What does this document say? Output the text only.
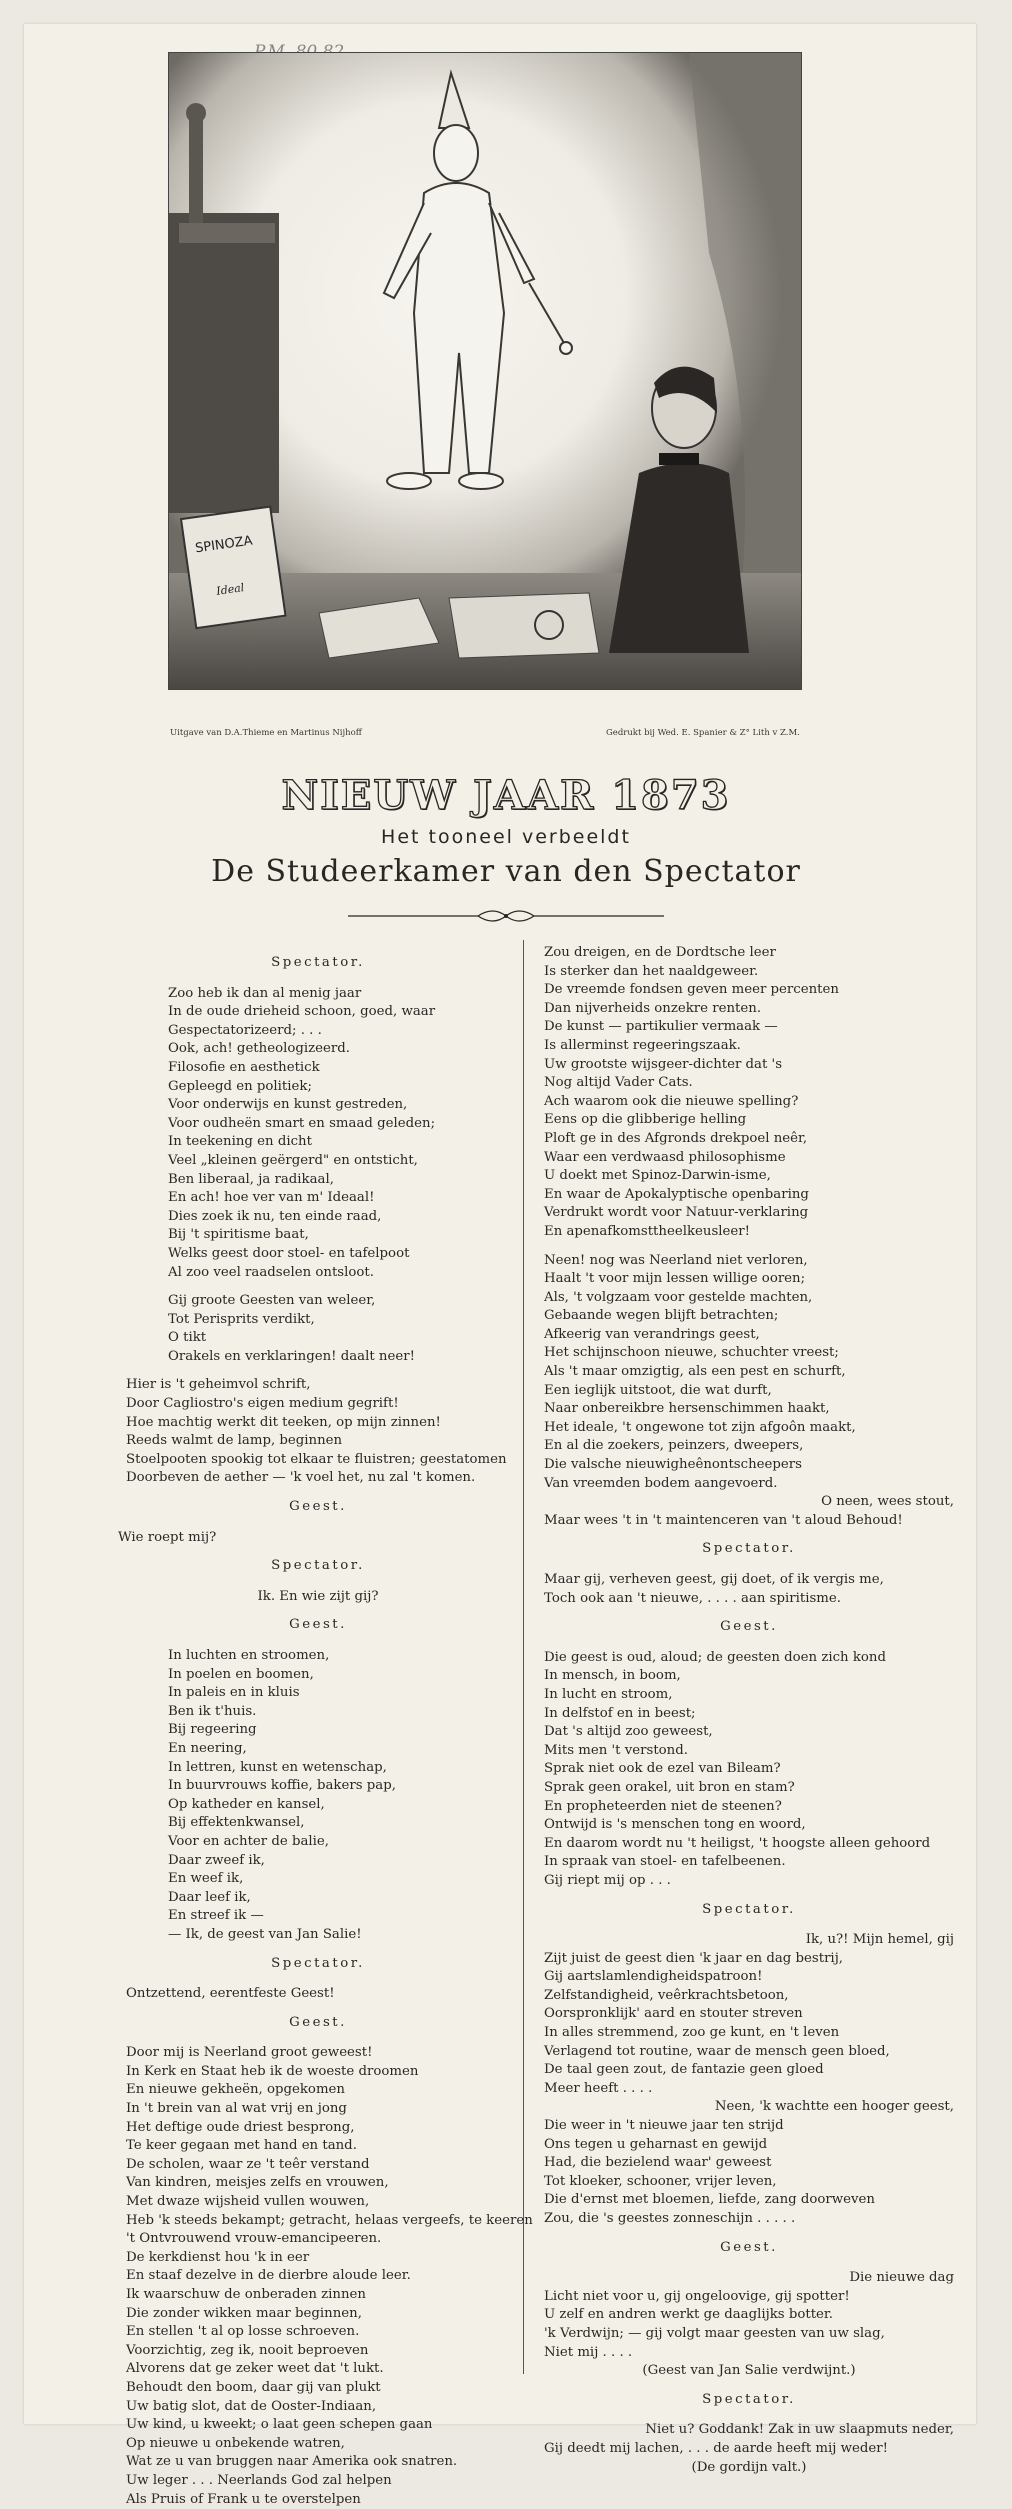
SPINOZA
Ideal
Uitgave van D.A.Thieme en Martinus Nijhoff	Gedrukt bij Wed. E. Spanier & Z° Lith v Z.M.
NIEUW JAAR 1873
Het tooneel verbeeldt
De Studeerkamer van den Spectator
Spectator.
Zoo heb ik dan al menig jaar
In de oude drieheid schoon, goed, waar
Gespectatorizeerd; . . .
Ook, ach! getheologizeerd.
Filosofie en aesthetick
Gepleegd en politiek;
Voor onderwijs en kunst gestreden,
Voor oudheën smart en smaad geleden;
In teekening en dicht
Veel „kleinen geërgerd" en ontsticht,
Ben liberaal, ja radikaal,
En ach! hoe ver van m' Ideaal!
Dies zoek ik nu, ten einde raad,
Bij 't spiritisme baat,
Welks geest door stoel- en tafelpoot
Al zoo veel raadselen ontsloot.
Gij groote Geesten van weleer,
Tot Perisprits verdikt,
O tikt
Orakels en verklaringen! daalt neer!
Hier is 't geheimvol schrift,
Door Cagliostro's eigen medium gegrift!
Hoe machtig werkt dit teeken, op mijn zinnen!
Reeds walmt de lamp, beginnen
Stoelpooten spookig tot elkaar te fluistren; geestatomen
Doorbeven de aether — 'k voel het, nu zal 't komen.
Geest.
Wie roept mij?
Spectator.
Ik. En wie zijt gij?
Geest.
In luchten en stroomen,
In poelen en boomen,
In paleis en in kluis
Ben ik t'huis.
Bij regeering
En neering,
In lettren, kunst en wetenschap,
In buurvrouws koffie, bakers pap,
Op katheder en kansel,
Bij effektenkwansel,
Voor en achter de balie,
Daar zweef ik,
En weef ik,
Daar leef ik,
En streef ik —
— Ik, de geest van Jan Salie!
Spectator.
Ontzettend, eerentfeste Geest!
Geest.
Door mij is Neerland groot geweest!
In Kerk en Staat heb ik de woeste droomen
En nieuwe gekheën, opgekomen
In 't brein van al wat vrij en jong
Het deftige oude driest besprong,
Te keer gegaan met hand en tand.
De scholen, waar ze 't teêr verstand
Van kindren, meisjes zelfs en vrouwen,
Met dwaze wijsheid vullen wouwen,
Heb 'k steeds bekampt; getracht, helaas vergeefs, te keeren
't Ontvrouwend vrouw-emancipeeren.
De kerkdienst hou 'k in eer
En staaf dezelve in de dierbre aloude leer.
Ik waarschuw de onberaden zinnen
Die zonder wikken maar beginnen,
En stellen 't al op losse schroeven.
Voorzichtig, zeg ik, nooit beproeven
Alvorens dat ge zeker weet dat 't lukt.
Behoudt den boom, daar gij van plukt
Uw batig slot, dat de Ooster-Indiaan,
Uw kind, u kweekt; o laat geen schepen gaan
Op nieuwe u onbekende watren,
Wat ze u van bruggen naar Amerika ook snatren.
Uw leger . . . Neerlands God zal helpen
Als Pruis of Frank u te overstelpen
Zou dreigen, en de Dordtsche leer
Is sterker dan het naaldgeweer.
De vreemde fondsen geven meer percenten
Dan nijverheids onzekre renten.
De kunst — partikulier vermaak —
Is allerminst regeeringszaak.
Uw grootste wijsgeer-dichter dat 's
Nog altijd Vader Cats.
Ach waarom ook die nieuwe spelling?
Eens op die glibberige helling
Ploft ge in des Afgronds drekpoel neêr,
Waar een verdwaasd philosophisme
U doekt met Spinoz-Darwin-isme,
En waar de Apokalyptische openbaring
Verdrukt wordt voor Natuur-verklaring
En apenafkomsttheelkeusleer!
Neen! nog was Neerland niet verloren,
Haalt 't voor mijn lessen willige ooren;
Als, 't volgzaam voor gestelde machten,
Gebaande wegen blijft betrachten;
Afkeerig van verandrings geest,
Het schijnschoon nieuwe, schuchter vreest;
Als 't maar omzigtig, als een pest en schurft,
Een ieglijk uitstoot, die wat durft,
Naar onbereikbre hersenschimmen haakt,
Het ideale, 't ongewone tot zijn afgoôn maakt,
En al die zoekers, peinzers, dweepers,
Die valsche nieuwigheênontscheepers
Van vreemden bodem aangevoerd.
O neen, wees stout,
Maar wees 't in 't maintenceren van 't aloud Behoud!
Spectator.
Maar gij, verheven geest, gij doet, of ik vergis me,
Toch ook aan 't nieuwe, . . . . aan spiritisme.
Geest.
Die geest is oud, aloud; de geesten doen zich kond
In mensch, in boom,
In lucht en stroom,
In delfstof en in beest;
Dat 's altijd zoo geweest,
Mits men 't verstond.
Sprak niet ook de ezel van Bileam?
Sprak geen orakel, uit bron en stam?
En propheteerden niet de steenen?
Ontwijd is 's menschen tong en woord,
En daarom wordt nu 't heiligst, 't hoogste alleen gehoord
In spraak van stoel- en tafelbeenen.
Gij riept mij op . . .
Spectator.
Ik, u?! Mijn hemel, gij
Zijt juist de geest dien 'k jaar en dag bestrij,
Gij aartslamlendigheidspatroon!
Zelfstandigheid, veêrkrachtsbetoon,
Oorspronklijk' aard en stouter streven
In alles stremmend, zoo ge kunt, en 't leven
Verlagend tot routine, waar de mensch geen bloed,
De taal geen zout, de fantazie geen gloed
Meer heeft . . . .
Neen, 'k wachtte een hooger geest,
Die weer in 't nieuwe jaar ten strijd
Ons tegen u geharnast en gewijd
Had, die bezielend waar' geweest
Tot kloeker, schooner, vrijer leven,
Die d'ernst met bloemen, liefde, zang doorweven
Zou, die 's geestes zonneschijn . . . . .
Geest.
Die nieuwe dag
Licht niet voor u, gij ongeloovige, gij spotter!
U zelf en andren werkt ge daaglijks botter.
'k Verdwijn; — gij volgt maar geesten van uw slag,
Niet mij . . . .
(Geest van Jan Salie verdwijnt.)
Spectator.
Niet u? Goddank! Zak in uw slaapmuts neder,
Gij deedt mij lachen, . . . de aarde heeft mij weder!
(De gordijn valt.)
